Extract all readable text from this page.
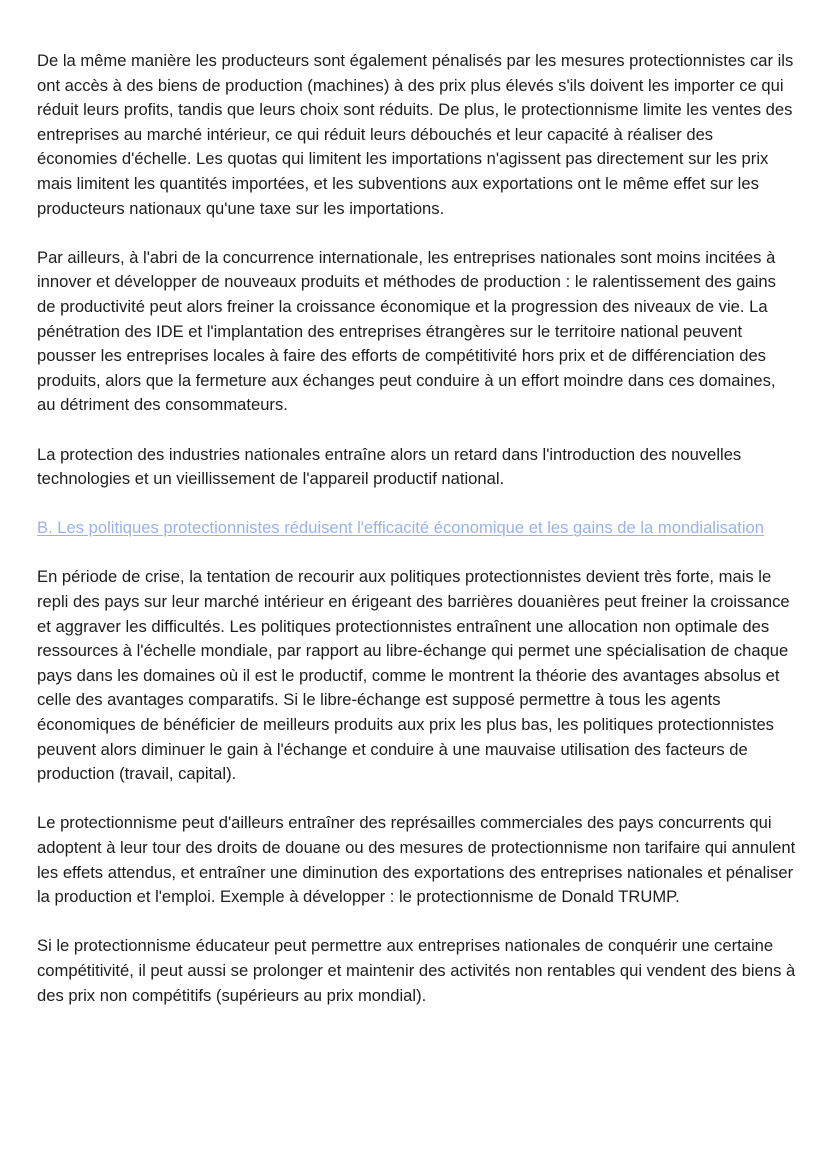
De la même manière les producteurs sont également pénalisés par les mesures protectionnistes car ils ont accès à des biens de production (machines) à des prix plus élevés s'ils doivent les importer ce qui réduit leurs profits, tandis que leurs choix sont réduits. De plus, le protectionnisme limite les ventes des entreprises au marché intérieur, ce qui réduit leurs débouchés et leur capacité à réaliser des économies d'échelle. Les quotas qui limitent les importations n'agissent pas directement sur les prix mais limitent les quantités importées, et les subventions aux exportations ont le même effet sur les producteurs nationaux qu'une taxe sur les importations.

Par ailleurs, à l'abri de la concurrence internationale, les entreprises nationales sont moins incitées à innover et développer de nouveaux produits et méthodes de production : le ralentissement des gains de productivité peut alors freiner la croissance économique et la progression des niveaux de vie. La pénétration des IDE et l'implantation des entreprises étrangères sur le territoire national peuvent pousser les entreprises locales à faire des efforts de compétitivité hors prix et de différenciation des produits, alors que la fermeture aux échanges peut conduire à un effort moindre dans ces domaines, au détriment des consommateurs.

La protection des industries nationales entraîne alors un retard dans l'introduction des nouvelles technologies et un vieillissement de l'appareil productif national.

B. Les politiques protectionnistes réduisent l'efficacité économique et les gains de la mondialisation

En période de crise, la tentation de recourir aux politiques protectionnistes devient très forte, mais le repli des pays sur leur marché intérieur en érigeant des barrières douanières peut freiner la croissance et aggraver les difficultés. Les politiques protectionnistes entraînent une allocation non optimale des ressources à l'échelle mondiale, par rapport au libre-échange qui permet une spécialisation de chaque pays dans les domaines où il est le productif, comme le montrent la théorie des avantages absolus et celle des avantages comparatifs. Si le libre-échange est supposé permettre à tous les agents économiques de bénéficier de meilleurs produits aux prix les plus bas, les politiques protectionnistes peuvent alors diminuer le gain à l'échange et conduire à une mauvaise utilisation des facteurs de production (travail, capital).

Le protectionnisme peut d'ailleurs entraîner des représailles commerciales des pays concurrents qui adoptent à leur tour des droits de douane ou des mesures de protectionnisme non tarifaire qui annulent les effets attendus, et entraîner une diminution des exportations des entreprises nationales et pénaliser la production et l'emploi. Exemple à développer : le protectionnisme de Donald TRUMP.

Si le protectionnisme éducateur peut permettre aux entreprises nationales de conquérir une certaine compétitivité, il peut aussi se prolonger et maintenir des activités non rentables qui vendent des biens à des prix non compétitifs (supérieurs au prix mondial).
